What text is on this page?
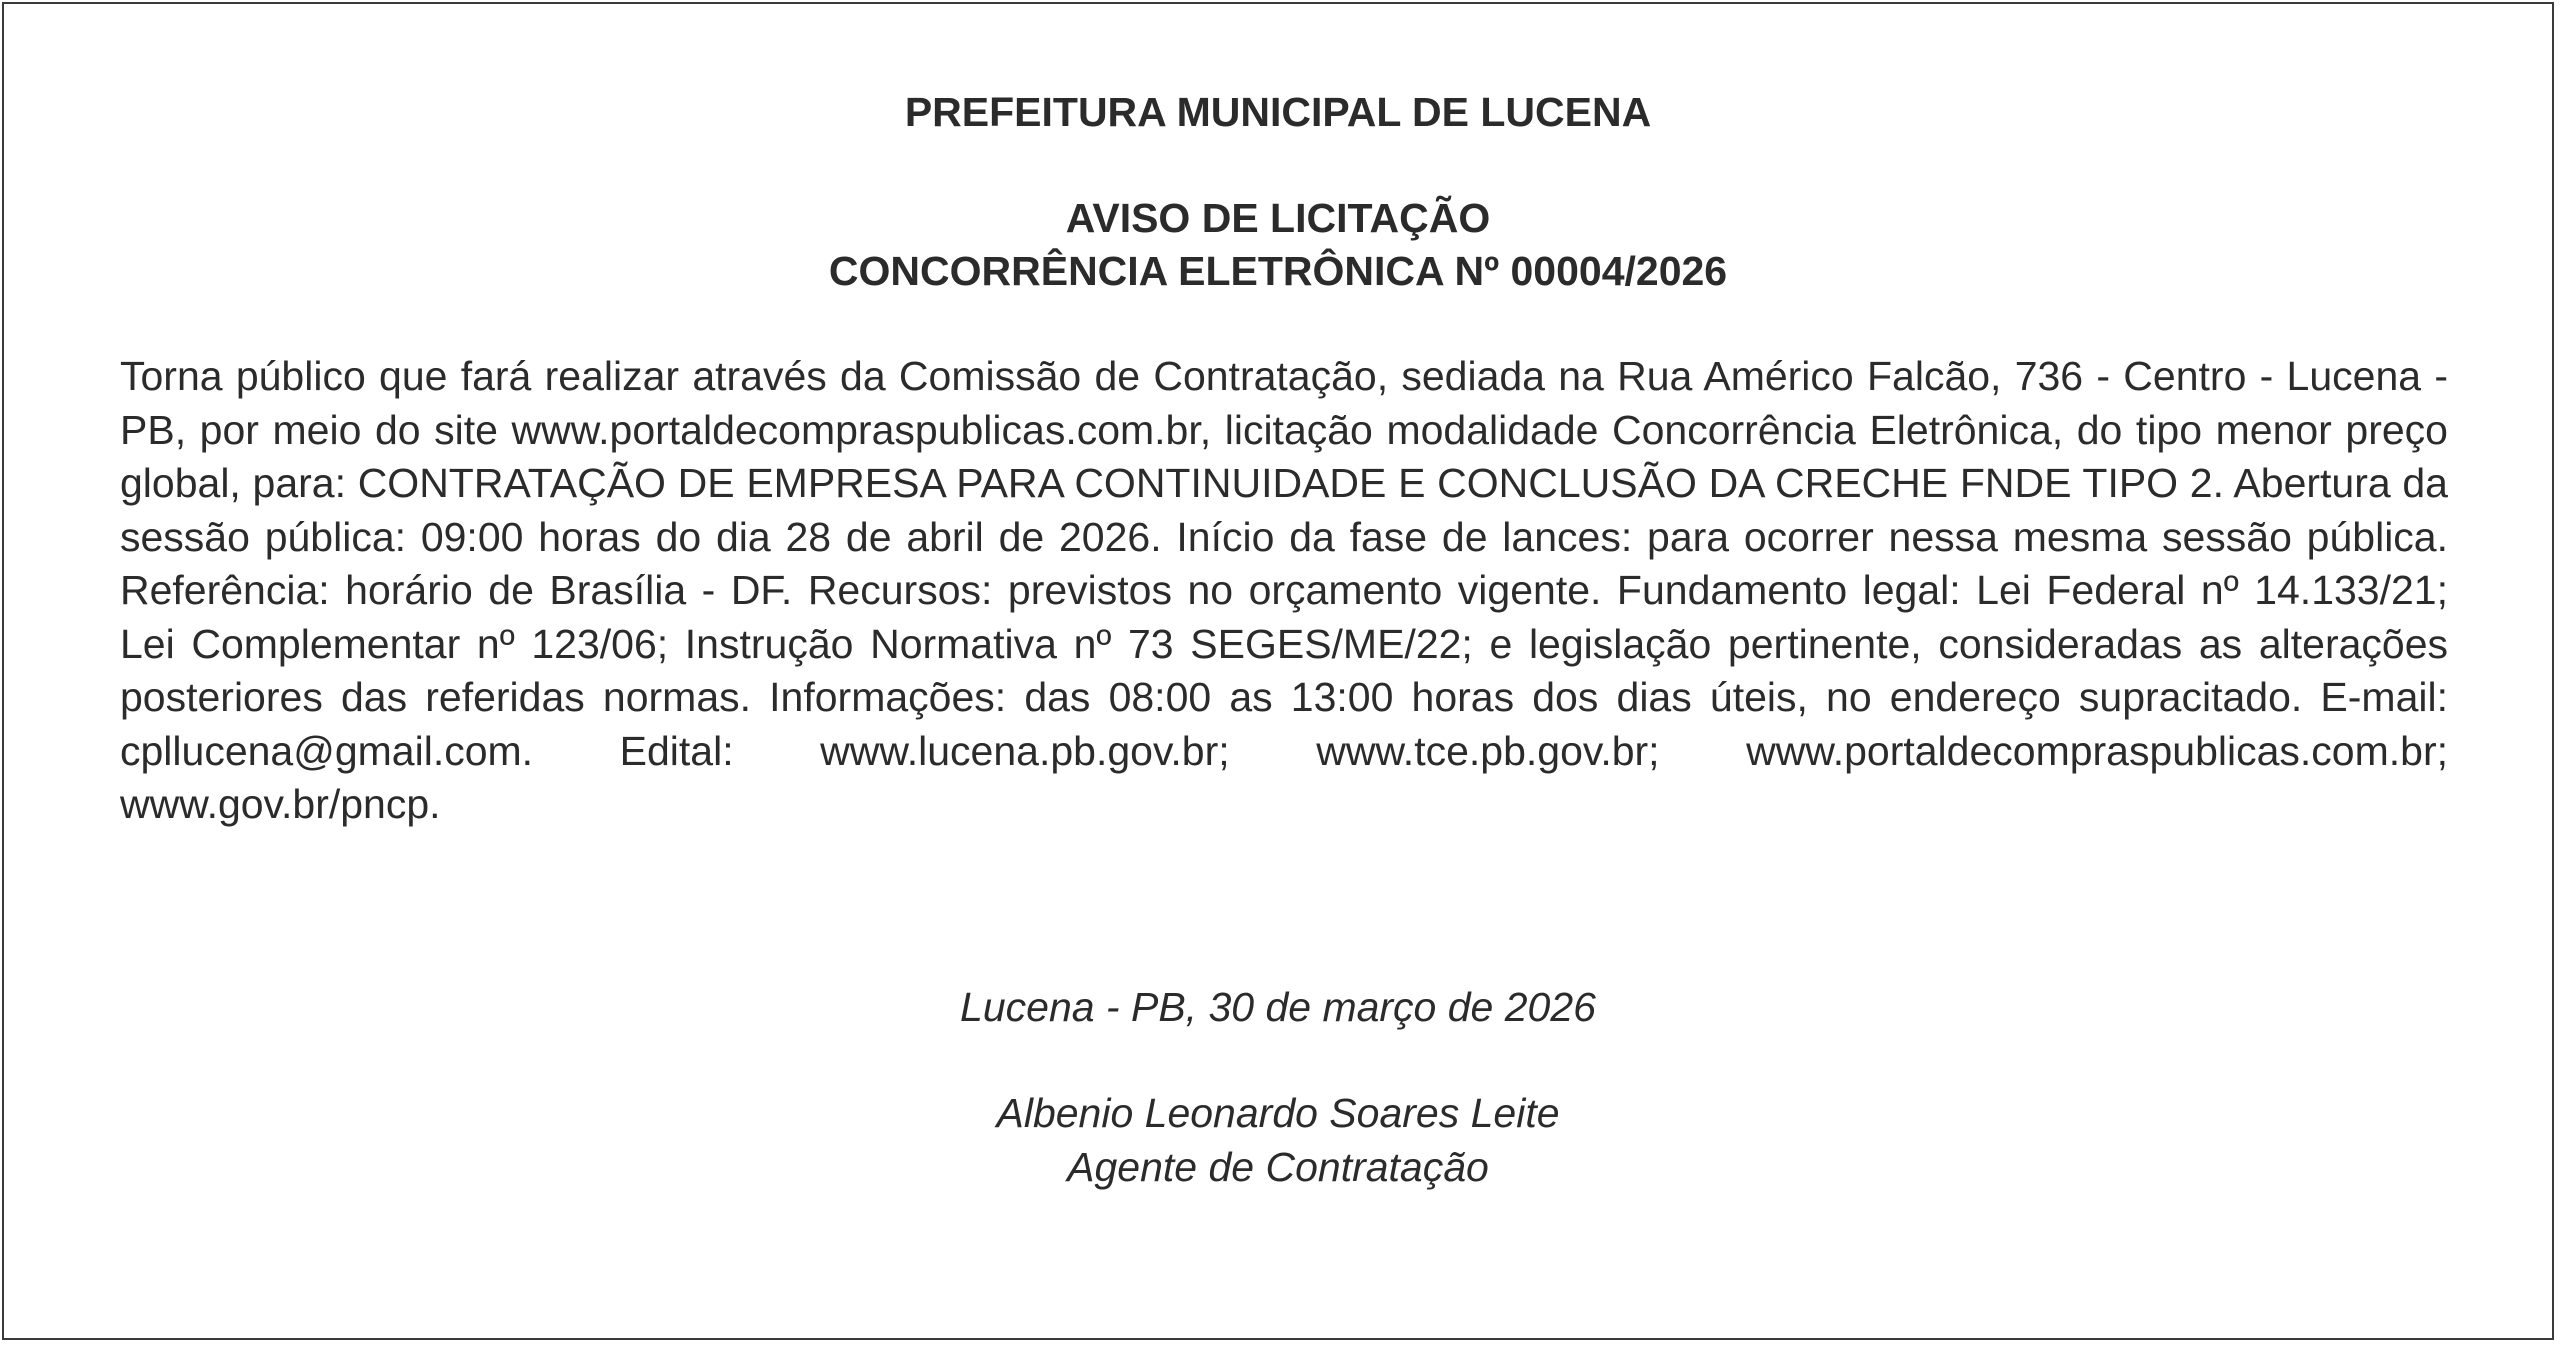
PREFEITURA MUNICIPAL DE LUCENA
AVISO DE LICITAÇÃO
CONCORRÊNCIA ELETRÔNICA Nº 00004/2026

Torna público que fará realizar através da Comissão de Contratação, sediada na Rua Américo Falcão, 736 - Centro - Lucena - PB, por meio do site www.portaldecompraspublicas.com.br, licitação modalidade Concorrência Eletrônica, do tipo menor preço global, para: CONTRATAÇÃO DE EMPRESA PARA CONTINUIDADE E CONCLUSÃO DA CRECHE FNDE TIPO 2. Abertura da sessão pública: 09:00 horas do dia 28 de abril de 2026. Início da fase de lances: para ocorrer nessa mesma sessão pública. Referência: horário de Brasília - DF. Recursos: previstos no orçamento vigente. Fundamento legal: Lei Federal nº 14.133/21; Lei Complementar nº 123/06; Instrução Normativa nº 73 SEGES/ME/22; e legislação pertinente, consideradas as alterações posteriores das referidas normas. Informações: das 08:00 as 13:00 horas dos dias úteis, no endereço supracitado. E-mail: cpllucena@gmail.com. Edital: www.lucena.pb.gov.br; www.tce.pb.gov.br; www.portaldecompraspublicas.com.br; www.gov.br/pncp.

Lucena - PB, 30 de março de 2026
Albenio Leonardo Soares Leite
Agente de Contratação
